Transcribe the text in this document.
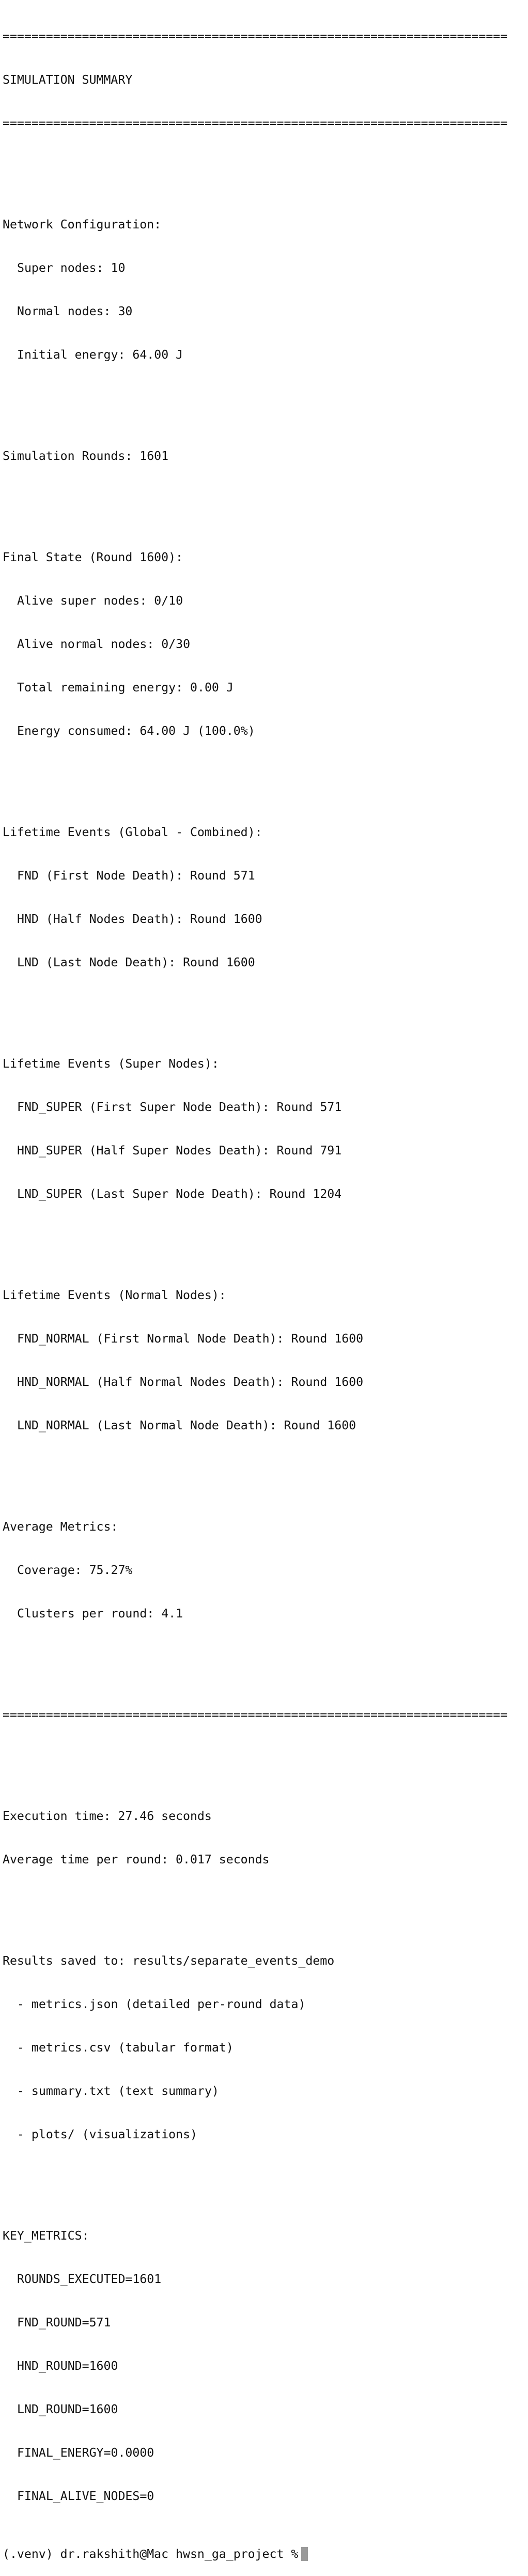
======================================================================

SIMULATION SUMMARY

======================================================================

Network Configuration:

Super nodes: 10

Normal nodes: 30

Initial energy: 64.00 J

Simulation Rounds: 1601

Final State (Round 1600):

Alive super nodes: 0/10

Alive normal nodes: 0/30

Total remaining energy: 0.00 J

Energy consumed: 64.00 J (100.0%)

Lifetime Events (Global - Combined):

FND (First Node Death): Round 571

HND (Half Nodes Death): Round 1600

LND (Last Node Death): Round 1600

Lifetime Events (Super Nodes):

FND_SUPER (First Super Node Death): Round 571

HND_SUPER (Half Super Nodes Death): Round 791

LND_SUPER (Last Super Node Death): Round 1204

Lifetime Events (Normal Nodes):

FND_NORMAL (First Normal Node Death): Round 1600

HND_NORMAL (Half Normal Nodes Death): Round 1600

LND_NORMAL (Last Normal Node Death): Round 1600

Average Metrics:

Coverage: 75.27%

Clusters per round: 4.1

======================================================================

Execution time: 27.46 seconds

Average time per round: 0.017 seconds

Results saved to: results/separate_events_demo

- metrics.json (detailed per-round data)

- metrics.csv (tabular format)

- summary.txt (text summary)

- plots/ (visualizations)

KEY_METRICS:

ROUNDS_EXECUTED=1601

FND_ROUND=571

HND_ROUND=1600

LND_ROUND=1600

FINAL_ENERGY=0.0000

FINAL_ALIVE_NODES=0

(.venv) dr.rakshith@Mac hwsn_ga_project %
